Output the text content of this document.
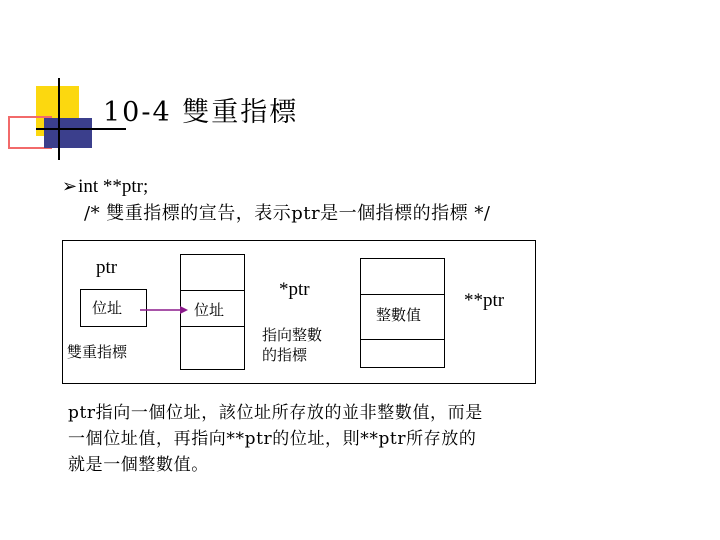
10-4 雙重指標
➢int **ptr;
/* 雙重指標的宣告，表示ptr是一個指標的指標 */
ptr
位址	位址
雙重指標
*ptr
指向整數
的指標
整數值
**ptr
ptr指向一個位址，該位址所存放的並非整數值，而是
一個位址值，再指向**ptr的位址，則**ptr所存放的
就是一個整數值。
